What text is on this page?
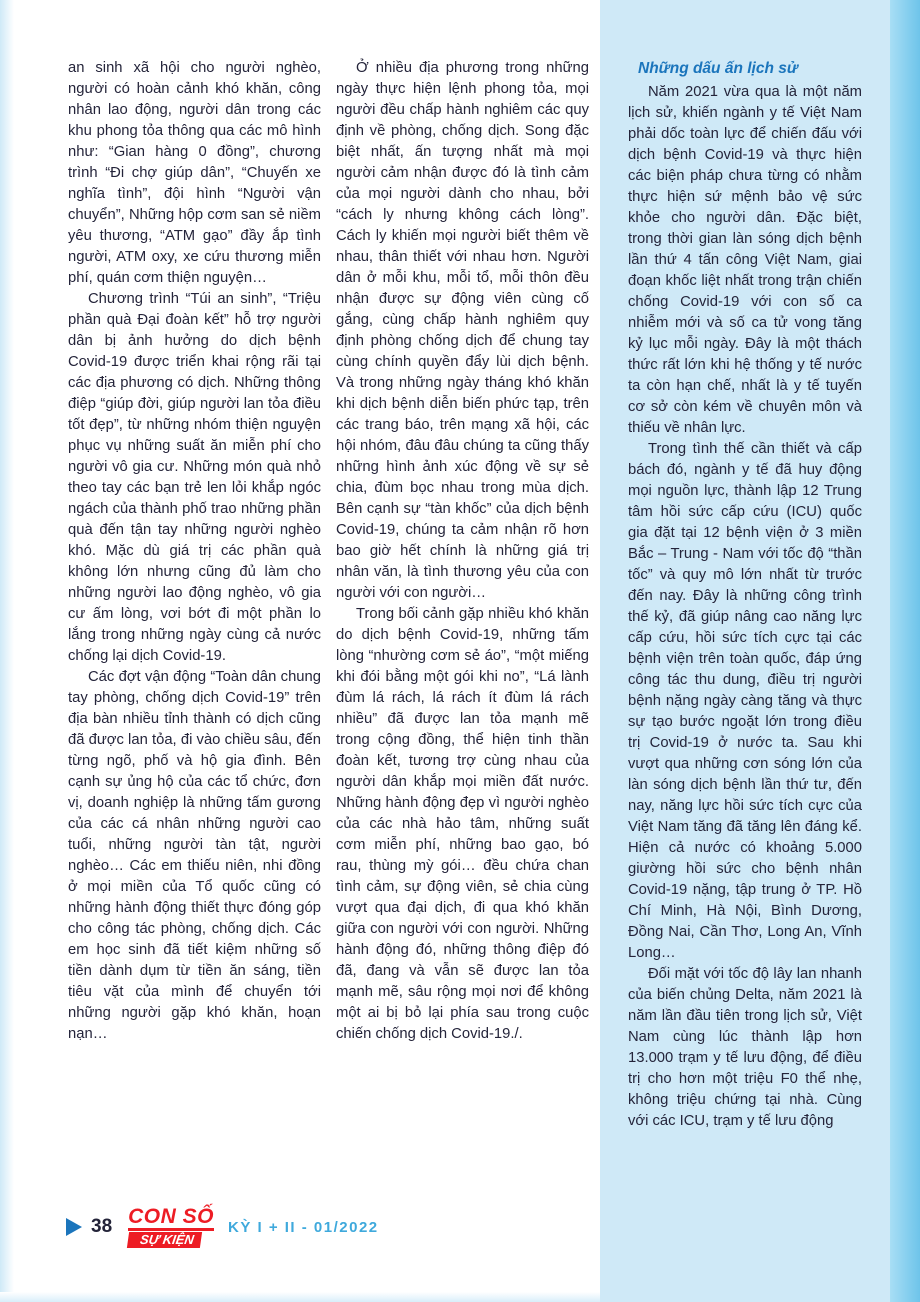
an sinh xã hội cho người nghèo, người có hoàn cảnh khó khăn, công nhân lao động, người dân trong các khu phong tỏa thông qua các mô hình như: “Gian hàng 0 đồng”, chương trình “Đi chợ giúp dân”, “Chuyến xe nghĩa tình”, đội hình “Người vận chuyển”, Những hộp cơm san sẻ niềm yêu thương, “ATM gạo” đầy ắp tình người, ATM oxy, xe cứu thương miễn phí, quán cơm thiện nguyện…

Chương trình “Túi an sinh”, “Triệu phần quà Đại đoàn kết” hỗ trợ người dân bị ảnh hưởng do dịch bệnh Covid-19 được triển khai rộng rãi tại các địa phương có dịch. Những thông điệp “giúp đời, giúp người lan tỏa điều tốt đẹp”, từ những nhóm thiện nguyện phục vụ những suất ăn miễn phí cho người vô gia cư. Những món quà nhỏ theo tay các bạn trẻ len lỏi khắp ngóc ngách của thành phố trao những phần quà đến tận tay những người nghèo khó. Mặc dù giá trị các phần quà không lớn nhưng cũng đủ làm cho những người lao động nghèo, vô gia cư ấm lòng, vơi bớt đi một phần lo lắng trong những ngày cùng cả nước chống lại dịch Covid-19.

Các đợt vận động “Toàn dân chung tay phòng, chống dịch Covid-19” trên địa bàn nhiều tỉnh thành có dịch cũng đã được lan tỏa, đi vào chiều sâu, đến từng ngõ, phố và hộ gia đình. Bên cạnh sự ủng hộ của các tổ chức, đơn vị, doanh nghiệp là những tấm gương của các cá nhân những người cao tuổi, những người tàn tật, người nghèo… Các em thiếu niên, nhi đồng ở mọi miền của Tổ quốc cũng có những hành động thiết thực đóng góp cho công tác phòng, chống dịch. Các em học sinh đã tiết kiệm những số tiền dành dụm từ tiền ăn sáng, tiền tiêu vặt của mình để chuyển tới những người gặp khó khăn, hoạn nạn…

Ở nhiều địa phương trong những ngày thực hiện lệnh phong tỏa, mọi người đều chấp hành nghiêm các quy định về phòng, chống dịch. Song đặc biệt nhất, ấn tượng nhất mà mọi người cảm nhận được đó là tình cảm của mọi người dành cho nhau, bởi “cách ly nhưng không cách lòng”. Cách ly khiến mọi người biết thêm về nhau, thân thiết với nhau hơn. Người dân ở mỗi khu, mỗi tổ, mỗi thôn đều nhận được sự động viên cùng cố gắng, cùng chấp hành nghiêm quy định phòng chống dịch để chung tay cùng chính quyền đẩy lùi dịch bệnh. Và trong những ngày tháng khó khăn khi dịch bệnh diễn biến phức tạp, trên các trang báo, trên mạng xã hội, các hội nhóm, đâu đâu chúng ta cũng thấy những hình ảnh xúc động về sự sẻ chia, đùm bọc nhau trong mùa dịch. Bên cạnh sự “tàn khốc” của dịch bệnh Covid-19, chúng ta cảm nhận rõ hơn bao giờ hết chính là những giá trị nhân văn, là tình thương yêu của con người với con người…

Trong bối cảnh gặp nhiều khó khăn do dịch bệnh Covid-19, những tấm lòng “nhường cơm sẻ áo”, “một miếng khi đói bằng một gói khi no”, “Lá lành đùm lá rách, lá rách ít đùm lá rách nhiều” đã được lan tỏa mạnh mẽ trong cộng đồng, thể hiện tinh thần đoàn kết, tương trợ cùng nhau của người dân khắp mọi miền đất nước. Những hành động đẹp vì người nghèo của các nhà hảo tâm, những suất cơm miễn phí, những bao gạo, bó rau, thùng mỳ gói… đều chứa chan tình cảm, sự động viên, sẻ chia cùng vượt qua đại dịch, đi qua khó khăn giữa con người với con người. Những hành động đó, những thông điệp đó đã, đang và vẫn sẽ được lan tỏa mạnh mẽ, sâu rộng mọi nơi để không một ai bị bỏ lại phía sau trong cuộc chiến chống dịch Covid-19./.

Những dấu ấn lịch sử

Năm 2021 vừa qua là một năm lịch sử, khiến ngành y tế Việt Nam phải dốc toàn lực để chiến đấu với dịch bệnh Covid-19 và thực hiện các biện pháp chưa từng có nhằm thực hiện sứ mệnh bảo vệ sức khỏe cho người dân. Đặc biệt, trong thời gian làn sóng dịch bệnh lần thứ 4 tấn công Việt Nam, giai đoạn khốc liệt nhất trong trận chiến chống Covid-19 với con số ca nhiễm mới và số ca tử vong tăng kỷ lục mỗi ngày. Đây là một thách thức rất lớn khi hệ thống y tế nước ta còn hạn chế, nhất là y tế tuyến cơ sở còn kém về chuyên môn và thiếu về nhân lực.

Trong tình thế cần thiết và cấp bách đó, ngành y tế đã huy động mọi nguồn lực, thành lập 12 Trung tâm hồi sức cấp cứu (ICU) quốc gia đặt tại 12 bệnh viện ở 3 miền Bắc – Trung - Nam với tốc độ “thần tốc” và quy mô lớn nhất từ trước đến nay. Đây là những công trình thế kỷ, đã giúp nâng cao năng lực cấp cứu, hồi sức tích cực tại các bệnh viện trên toàn quốc, đáp ứng công tác thu dung, điều trị người bệnh nặng ngày càng tăng và thực sự tạo bước ngoặt lớn trong điều trị Covid-19 ở nước ta. Sau khi vượt qua những cơn sóng lớn của làn sóng dịch bệnh lần thứ tư, đến nay, năng lực hồi sức tích cực của Việt Nam tăng đã tăng lên đáng kể. Hiện cả nước có khoảng 5.000 giường hồi sức cho bệnh nhân Covid-19 nặng, tập trung ở TP. Hồ Chí Minh, Hà Nội, Bình Dương, Đồng Nai, Cần Thơ, Long An, Vĩnh Long…

Đối mặt với tốc độ lây lan nhanh của biến chủng Delta, năm 2021 là năm lần đầu tiên trong lịch sử, Việt Nam cùng lúc thành lập hơn 13.000 trạm y tế lưu động, để điều trị cho hơn một triệu F0 thể nhẹ, không triệu chứng tại nhà. Cùng với các ICU, trạm y tế lưu động

38 CON SỐ
SỰ KIỆN
KỲ I + II - 01/2022
